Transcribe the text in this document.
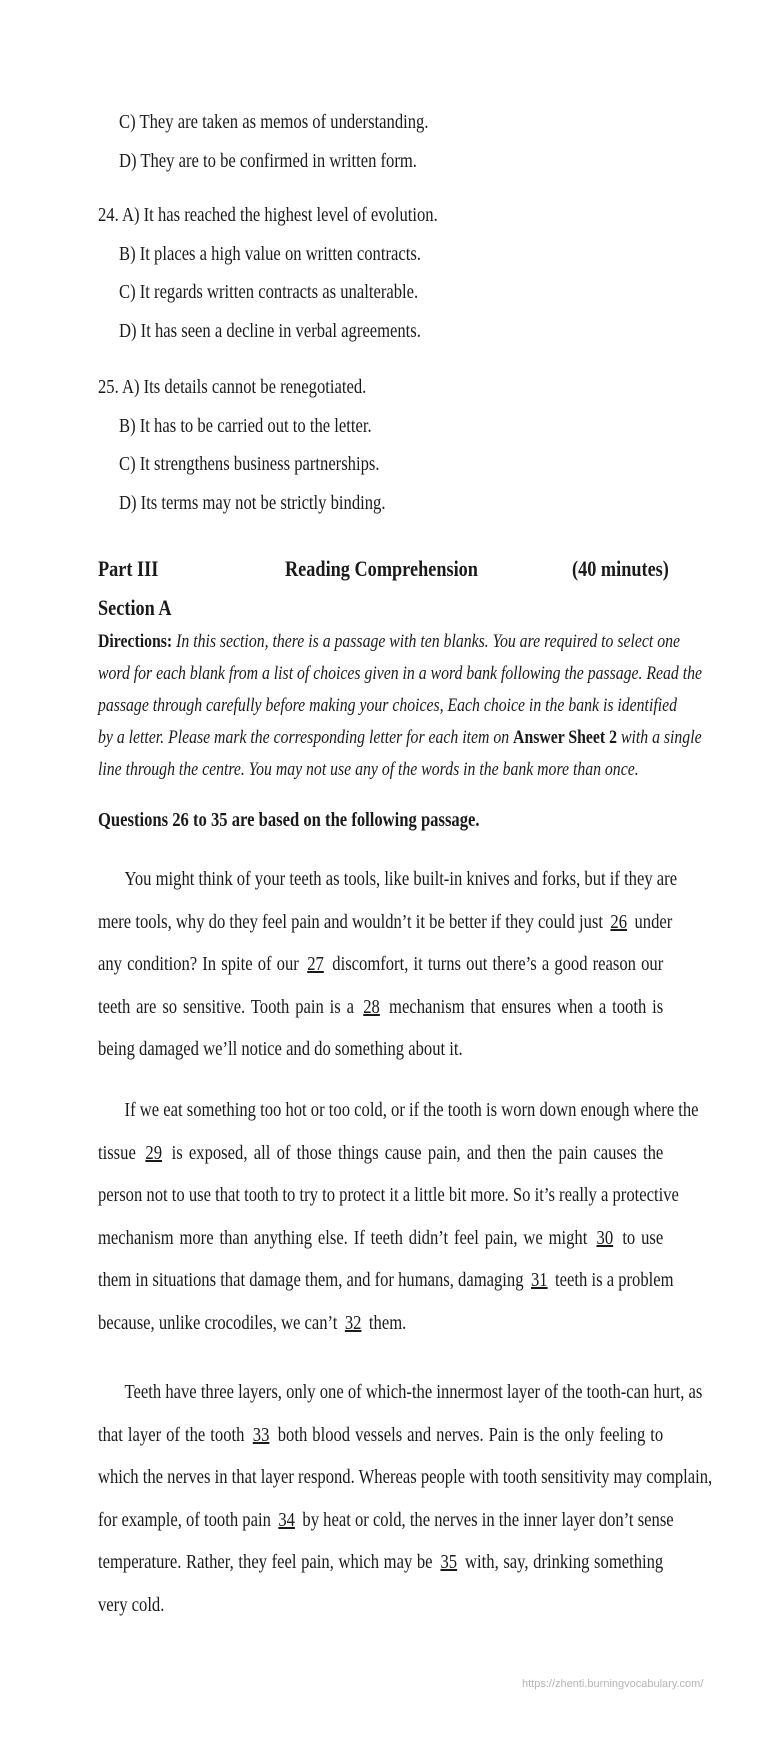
C) They are taken as memos of understanding.
D) They are to be confirmed in written form.
24. A) It has reached the highest level of evolution.
B) It places a high value on written contracts.
C) It regards written contracts as unalterable.
D) It has seen a decline in verbal agreements.
25. A) Its details cannot be renegotiated.
B) It has to be carried out to the letter.
C) It strengthens business partnerships.
D) Its terms may not be strictly binding.
Part III	Reading Comprehension	(40 minutes)
Section A
Directions: In this section, there is a passage with ten blanks. You are required to select one
word for each blank from a list of choices given in a word bank following the passage. Read the
passage through carefully before making your choices, Each choice in the bank is identified
by a letter. Please mark the corresponding letter for each item on Answer Sheet 2 with a single
line through the centre. You may not use any of the words in the bank more than once.
Questions 26 to 35 are based on the following passage.
You might think of your teeth as tools, like built-in knives and forks, but if they are
mere tools, why do they feel pain and wouldn’t it be better if they could just 26 under
any condition? In spite of our 27 discomfort, it turns out there’s a good reason our
teeth are so sensitive. Tooth pain is a 28 mechanism that ensures when a tooth is
being damaged we’ll notice and do something about it.
If we eat something too hot or too cold, or if the tooth is worn down enough where the
tissue 29 is exposed, all of those things cause pain, and then the pain causes the
person not to use that tooth to try to protect it a little bit more. So it’s really a protective
mechanism more than anything else. If teeth didn’t feel pain, we might 30 to use
them in situations that damage them, and for humans, damaging 31 teeth is a problem
because, unlike crocodiles, we can’t 32 them.
Teeth have three layers, only one of which-the innermost layer of the tooth-can hurt, as
that layer of the tooth 33 both blood vessels and nerves. Pain is the only feeling to
which the nerves in that layer respond. Whereas people with tooth sensitivity may complain,
for example, of tooth pain 34 by heat or cold, the nerves in the inner layer don’t sense
temperature. Rather, they feel pain, which may be 35 with, say, drinking something
very cold.
https://zhenti.burningvocabulary.com/
